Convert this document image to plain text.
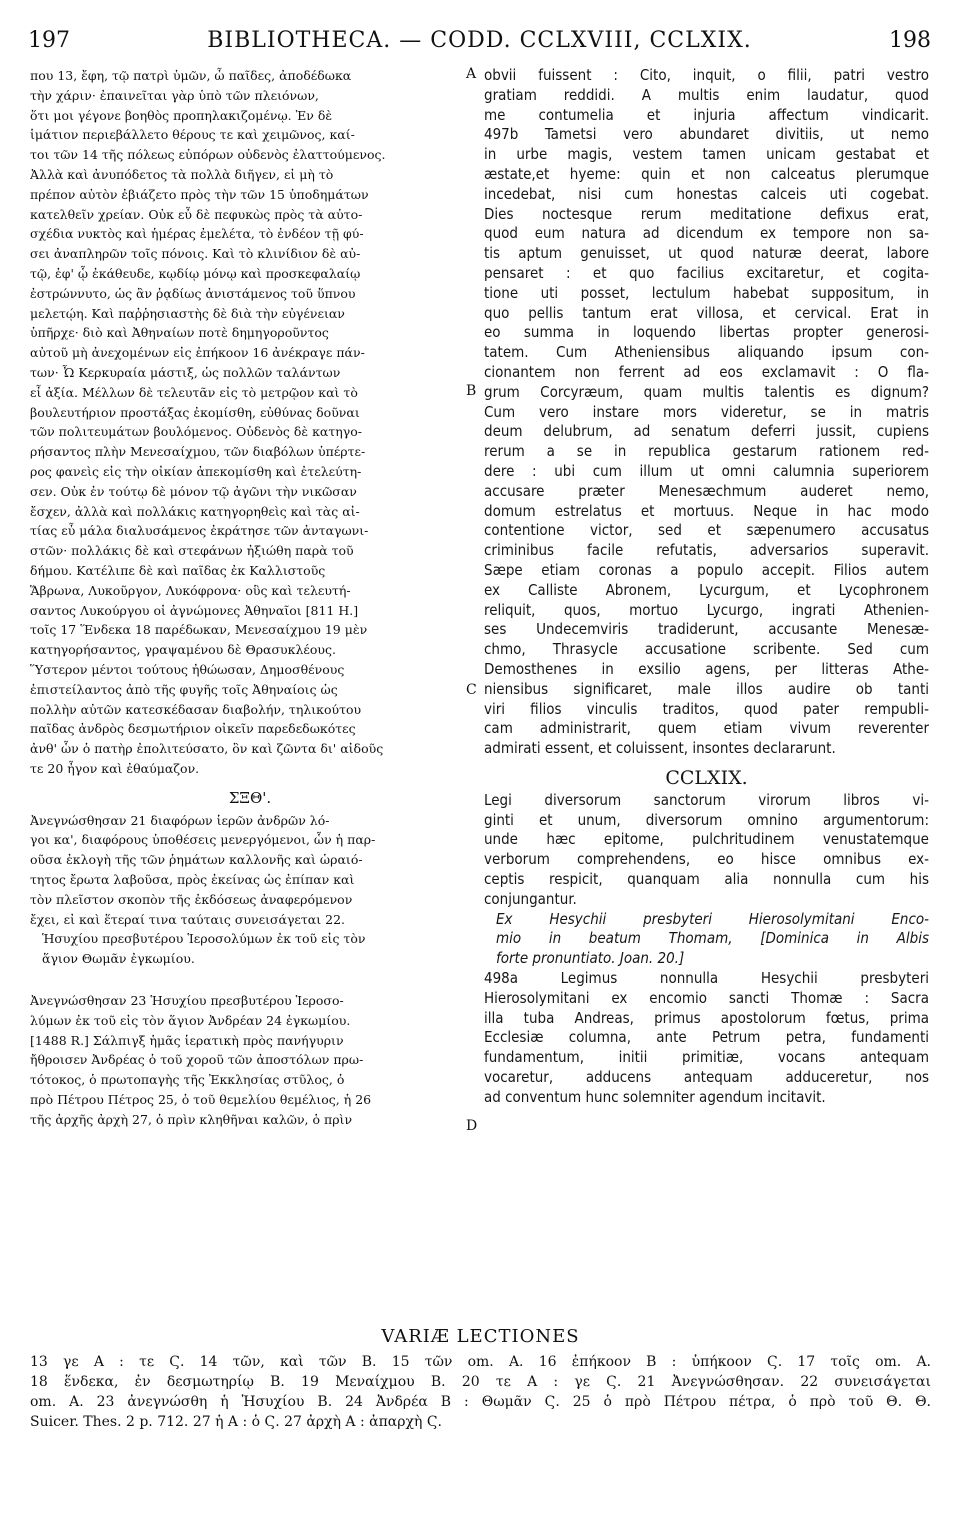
197	BIBLIOTHECA. — CODD. CCLXVIII, CCLXIX.	198
που 13, ἔφη, τῷ πατρὶ ὑμῶν, ὦ παῖδες, ἀποδέδωκα
τὴν χάριν· ἐπαινεῖται γὰρ ὑπὸ τῶν πλειόνων,
ὅτι μοι γέγονε βοηθὸς προπηλακιζομένῳ. Ἐν δὲ
ἱμάτιον περιεβάλλετο θέρους τε καὶ χειμῶνος, καί-
τοι τῶν 14 τῆς πόλεως εὐπόρων οὐδενὸς ἐλαττούμενος.
Ἀλλὰ καὶ ἀνυπόδετος τὰ πολλὰ διῆγεν, εἰ μὴ τὸ
πρέπον αὐτὸν ἐβιάζετο πρὸς τὴν τῶν 15 ὑποδημάτων
κατελθεῖν χρείαν. Οὐκ εὖ δὲ πεφυκὼς πρὸς τὰ αὐτο-
σχέδια νυκτὸς καὶ ἡμέρας ἐμελέτα, τὸ ἐνδέον τῇ φύ-
σει ἀναπληρῶν τοῖς πόνοις. Καὶ τὸ κλινίδιον δὲ αὐ-
τῷ, ἐφ' ᾧ ἐκάθευδε, κῳδίῳ μόνῳ καὶ προσκεφαλαίῳ
ἐστρώννυτο, ὡς ἂν ῥᾳδίως ἀνιστάμενος τοῦ ὕπνου
μελετῴη. Καὶ παῤῥησιαστὴς δὲ διὰ τὴν εὐγένειαν
ὑπῆρχε· διὸ καὶ Ἀθηναίων ποτὲ δημηγοροῦντος
αὐτοῦ μὴ ἀνεχομένων εἰς ἐπήκοον 16 ἀνέκραγε πάν-
των· Ὦ Κερκυραία μάστιξ, ὡς πολλῶν ταλάντων
εἶ ἀξία. Μέλλων δὲ τελευτᾶν εἰς τὸ μετρῷον καὶ τὸ
βουλευτήριον προστάξας ἐκομίσθη, εὐθύνας δοῦναι
τῶν πολιτευμάτων βουλόμενος. Οὐδενὸς δὲ κατηγο-
ρήσαντος πλὴν Μενεσαίχμου, τῶν διαβόλων ὑπέρτε-
ρος φανεὶς εἰς τὴν οἰκίαν ἀπεκομίσθη καὶ ἐτελεύτη-
σεν. Οὐκ ἐν τούτῳ δὲ μόνον τῷ ἀγῶνι τὴν νικῶσαν
ἔσχεν, ἀλλὰ καὶ πολλάκις κατηγορηθεὶς καὶ τὰς αἰ-
τίας εὖ μάλα διαλυσάμενος ἐκράτησε τῶν ἀνταγωνι-
στῶν· πολλάκις δὲ καὶ στεφάνων ἠξιώθη παρὰ τοῦ
δήμου. Κατέλιπε δὲ καὶ παῖδας ἐκ Καλλιστοῦς
Ἅβρωνα, Λυκοῦργον, Λυκόφρονα· οὓς καὶ τελευτή-
σαντος Λυκούργου οἱ ἀγνώμονες Ἀθηναῖοι [811 H.]
τοῖς 17 Ἕνδεκα 18 παρέδωκαν, Μενεσαίχμου 19 μὲν
κατηγορήσαντος, γραψαμένου δὲ Θρασυκλέους.
Ὕστερον μέντοι τούτους ἠθώωσαν, Δημοσθένους
ἐπιστείλαντος ἀπὸ τῆς φυγῆς τοῖς Ἀθηναίοις ὡς
πολλὴν αὐτῶν κατεσκέδασαν διαβολήν, τηλικούτου
παῖδας ἀνδρὸς δεσμωτήριον οἰκεῖν παρεδεδωκότες
ἀνθ' ὧν ὁ πατὴρ ἐπολιτεύσατο, ὃν καὶ ζῶντα δι' αἰδοῦς
τε 20 ἦγον καὶ ἐθαύμαζον.
ΣΞΘ'.
Ἀνεγνώσθησαν 21 διαφόρων ἱερῶν ἀνδρῶν λό-
γοι κα', διαφόρους ὑποθέσεις μενεργόμενοι, ὧν ἡ παρ-
οῦσα ἐκλογὴ τῆς τῶν ῥημάτων καλλονῆς καὶ ὡραιό-
τητος ἔρωτα λαβοῦσα, πρὸς ἐκείνας ὡς ἐπίπαν καὶ
τὸν πλεῖστον σκοπὸν τῆς ἐκδόσεως ἀναφερόμενον
ἔχει, εἰ καὶ ἕτεραί τινα ταύταις συνεισάγεται 22.
Ἡσυχίου πρεσβυτέρου Ἱεροσολύμων ἐκ τοῦ εἰς τὸν
ἅγιον Θωμᾶν ἐγκωμίου.
Ἀνεγνώσθησαν 23 Ἡσυχίου πρεσβυτέρου Ἱεροσο-
λύμων ἐκ τοῦ εἰς τὸν ἅγιον Ἀνδρέαν 24 ἐγκωμίου.
[1488 R.] Σάλπιγξ ἡμᾶς ἱερατικὴ πρὸς πανήγυριν
ἤθροισεν Ἀνδρέας ὁ τοῦ χοροῦ τῶν ἀποστόλων πρω-
τότοκος, ὁ πρωτοπαγὴς τῆς Ἐκκλησίας στῦλος, ὁ
πρὸ Πέτρου Πέτρος 25, ὁ τοῦ θεμελίου θεμέλιος, ἡ 26
τῆς ἀρχῆς ἀρχὴ 27, ὁ πρὶν κληθῆναι καλῶν, ὁ πρὶν
obvii fuissent : Cito, inquit, o filii, patri vestro
gratiam reddidi. A multis enim laudatur, quod
me contumelia et injuria affectum vindicarit.
497b Tametsi vero abundaret divitiis, ut nemo
in urbe magis, vestem tamen unicam gestabat et
æstate,et hyeme: quin et non calceatus plerumque
incedebat, nisi cum honestas calceis uti cogebat.
Dies noctesque rerum meditatione defixus erat,
quod eum natura ad dicendum ex tempore non sa-
tis aptum genuisset, ut quod naturæ deerat, labore
pensaret : et quo facilius excitaretur, et cogita-
tione uti posset, lectulum habebat suppositum, in
quo pellis tantum erat villosa, et cervical. Erat in
eo summa in loquendo libertas propter generosi-
tatem. Cum Atheniensibus aliquando ipsum con-
cionantem non ferrent ad eos exclamavit : O fla-
grum Corcyræum, quam multis talentis es dignum?
Cum vero instare mors videretur, se in matris
deum delubrum, ad senatum deferri jussit, cupiens
rerum a se in republica gestarum rationem red-
dere : ubi cum illum ut omni calumnia superiorem
accusare præter Menesæchmum auderet nemo,
domum estrelatus et mortuus. Neque in hac modo
contentione victor, sed et sæpenumero accusatus
criminibus facile refutatis, adversarios superavit.
Sæpe etiam coronas a populo accepit. Filios autem
ex Calliste Abronem, Lycurgum, et Lycophronem
reliquit, quos, mortuo Lycurgo, ingrati Athenien-
ses Undecemviris tradiderunt, accusante Menesæ-
chmo, Thrasycle accusatione scribente. Sed cum
Demosthenes in exsilio agens, per litteras Athe-
niensibus significaret, male illos audire ob tanti
viri filios vinculis traditos, quod pater rempubli-
cam administrarit, quem etiam vivum reverenter
admirati essent, et coluissent, insontes declararunt.
CCLXIX.
Legi diversorum sanctorum virorum libros vi-
ginti et unum, diversorum omnino argumentorum:
unde hæc epitome, pulchritudinem venustatemque
verborum comprehendens, eo hisce omnibus ex-
ceptis respicit, quanquam alia nonnulla cum his
conjungantur.
Ex Hesychii presbyteri Hierosolymitani Enco-
mio in beatum Thomam, [Dominica in Albis
forte pronuntiato. Joan. 20.]
498a Legimus nonnulla Hesychii presbyteri
Hierosolymitani ex encomio sancti Thomæ : Sacra
illa tuba Andreas, primus apostolorum fœtus, prima
Ecclesiæ columna, ante Petrum petra, fundamenti
fundamentum, initii primitiæ, vocans antequam
vocaretur, adducens antequam adduceretur, nos
ad conventum hunc solemniter agendum incitavit.
A
B
C
D
VARIÆ LECTIONES
13 γε A : τε Ϛ. 14 τῶν, καὶ τῶν B. 15 τῶν om. A. 16 ἐπήκοον B : ὑπήκοον Ϛ. 17 τοῖς om. A.
18 ἕνδεκα, ἐν δεσμωτηρίῳ B. 19 Μεναίχμου B. 20 τε A : γε Ϛ. 21 Ἀνεγνώσθησαν. 22 συνεισάγεται
om. A. 23 ἀνεγνώσθη ἡ Ἡσυχίου B. 24 Ἀνδρέα B : Θωμᾶν Ϛ. 25 ὁ πρὸ Πέτρου πέτρα, ὁ πρὸ τοῦ Θ. Θ.
Suicer. Thes. 2 p. 712. 27 ἡ A : ὁ Ϛ. 27 ἀρχὴ A : ἀπαρχὴ Ϛ.
